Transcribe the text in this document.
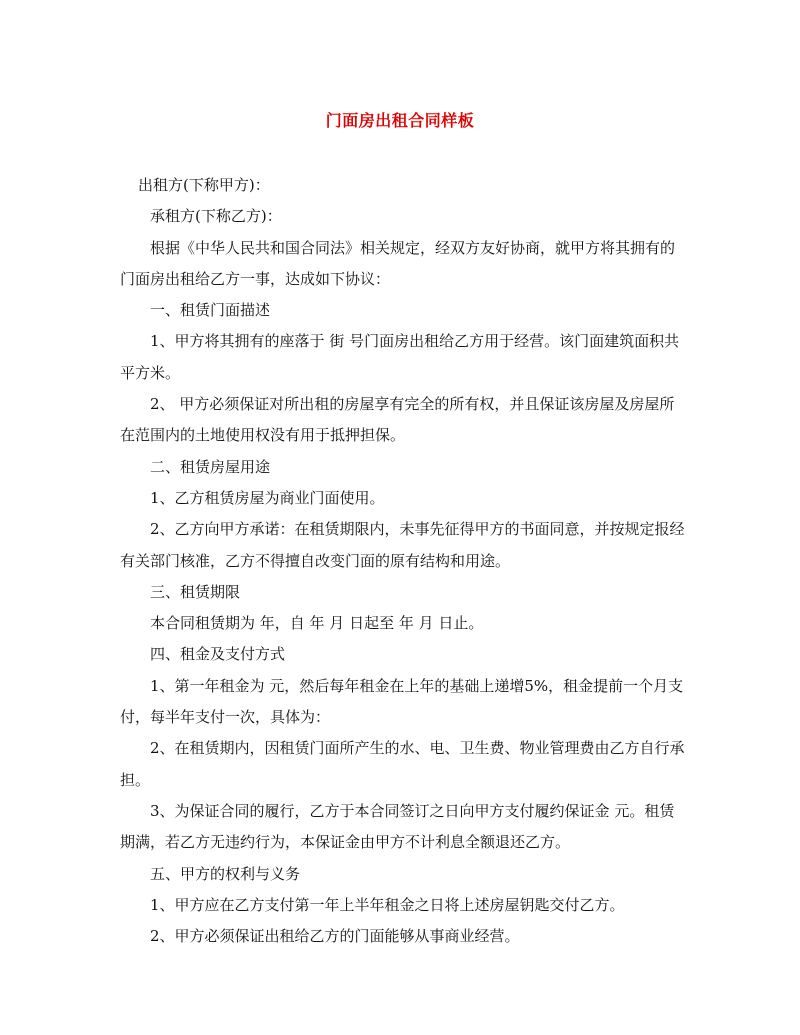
门面房出租合同样板

出租方(下称甲方)：

承租方(下称乙方)：

根据《中华人民共和国合同法》相关规定，经双方友好协商，就甲方将其拥有的门面房出租给乙方一事，达成如下协议：

一、租赁门面描述

1、甲方将其拥有的座落于 街 号门面房出租给乙方用于经营。该门面建筑面积共 平方米。

2、 甲方必须保证对所出租的房屋享有完全的所有权，并且保证该房屋及房屋所在范围内的土地使用权没有用于抵押担保。

二、租赁房屋用途

1、乙方租赁房屋为商业门面使用。

2、乙方向甲方承诺：在租赁期限内，未事先征得甲方的书面同意，并按规定报经有关部门核准，乙方不得擅自改变门面的原有结构和用途。

三、租赁期限

本合同租赁期为 年，自 年 月 日起至 年 月 日止。

四、租金及支付方式

1、第一年租金为 元，然后每年租金在上年的基础上递增5%，租金提前一个月支付，每半年支付一次，具体为：

2、在租赁期内，因租赁门面所产生的水、电、卫生费、物业管理费由乙方自行承担。

3、为保证合同的履行，乙方于本合同签订之日向甲方支付履约保证金 元。租赁期满，若乙方无违约行为，本保证金由甲方不计利息全额退还乙方。

五、甲方的权利与义务

1、甲方应在乙方支付第一年上半年租金之日将上述房屋钥匙交付乙方。

2、甲方必须保证出租给乙方的门面能够从事商业经营。
